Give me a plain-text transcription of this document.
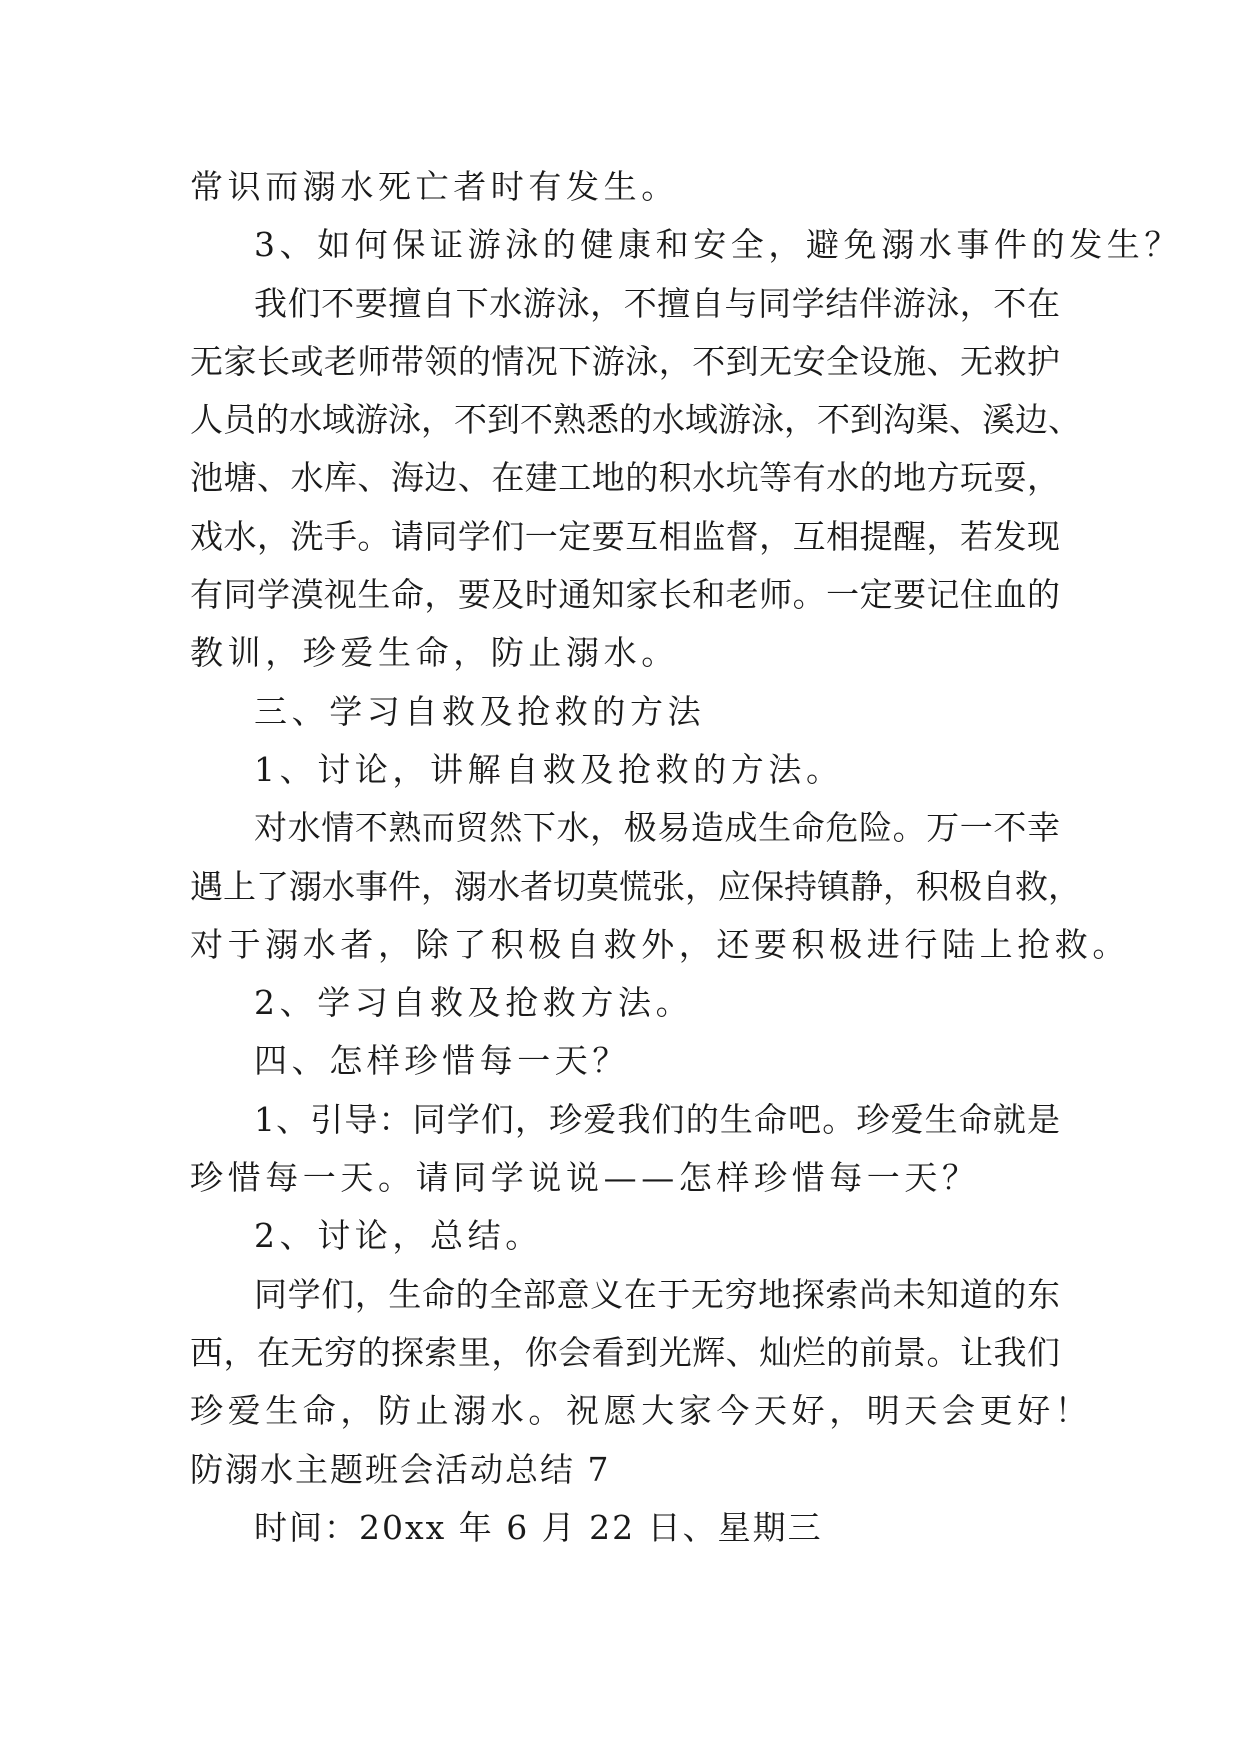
常识而溺水死亡者时有发生。
3、如何保证游泳的健康和安全，避免溺水事件的发生？
我们不要擅自下水游泳，不擅自与同学结伴游泳，不在
无家长或老师带领的情况下游泳，不到无安全设施、无救护
人员的水域游泳，不到不熟悉的水域游泳，不到沟渠、溪边、
池塘、水库、海边、在建工地的积水坑等有水的地方玩耍，
戏水，洗手。请同学们一定要互相监督，互相提醒，若发现
有同学漠视生命，要及时通知家长和老师。一定要记住血的
教训，珍爱生命，防止溺水。
三、学习自救及抢救的方法
1、讨论，讲解自救及抢救的方法。
对水情不熟而贸然下水，极易造成生命危险。万一不幸
遇上了溺水事件，溺水者切莫慌张，应保持镇静，积极自救，
对于溺水者，除了积极自救外，还要积极进行陆上抢救。
2、学习自救及抢救方法。
四、怎样珍惜每一天？
1、引导：同学们，珍爱我们的生命吧。珍爱生命就是
珍惜每一天。请同学说说——怎样珍惜每一天？
2、讨论，总结。
同学们，生命的全部意义在于无穷地探索尚未知道的东
西，在无穷的探索里，你会看到光辉、灿烂的前景。让我们
珍爱生命，防止溺水。祝愿大家今天好，明天会更好！
防溺水主题班会活动总结 7
时间：20xx 年 6 月 22 日、星期三
